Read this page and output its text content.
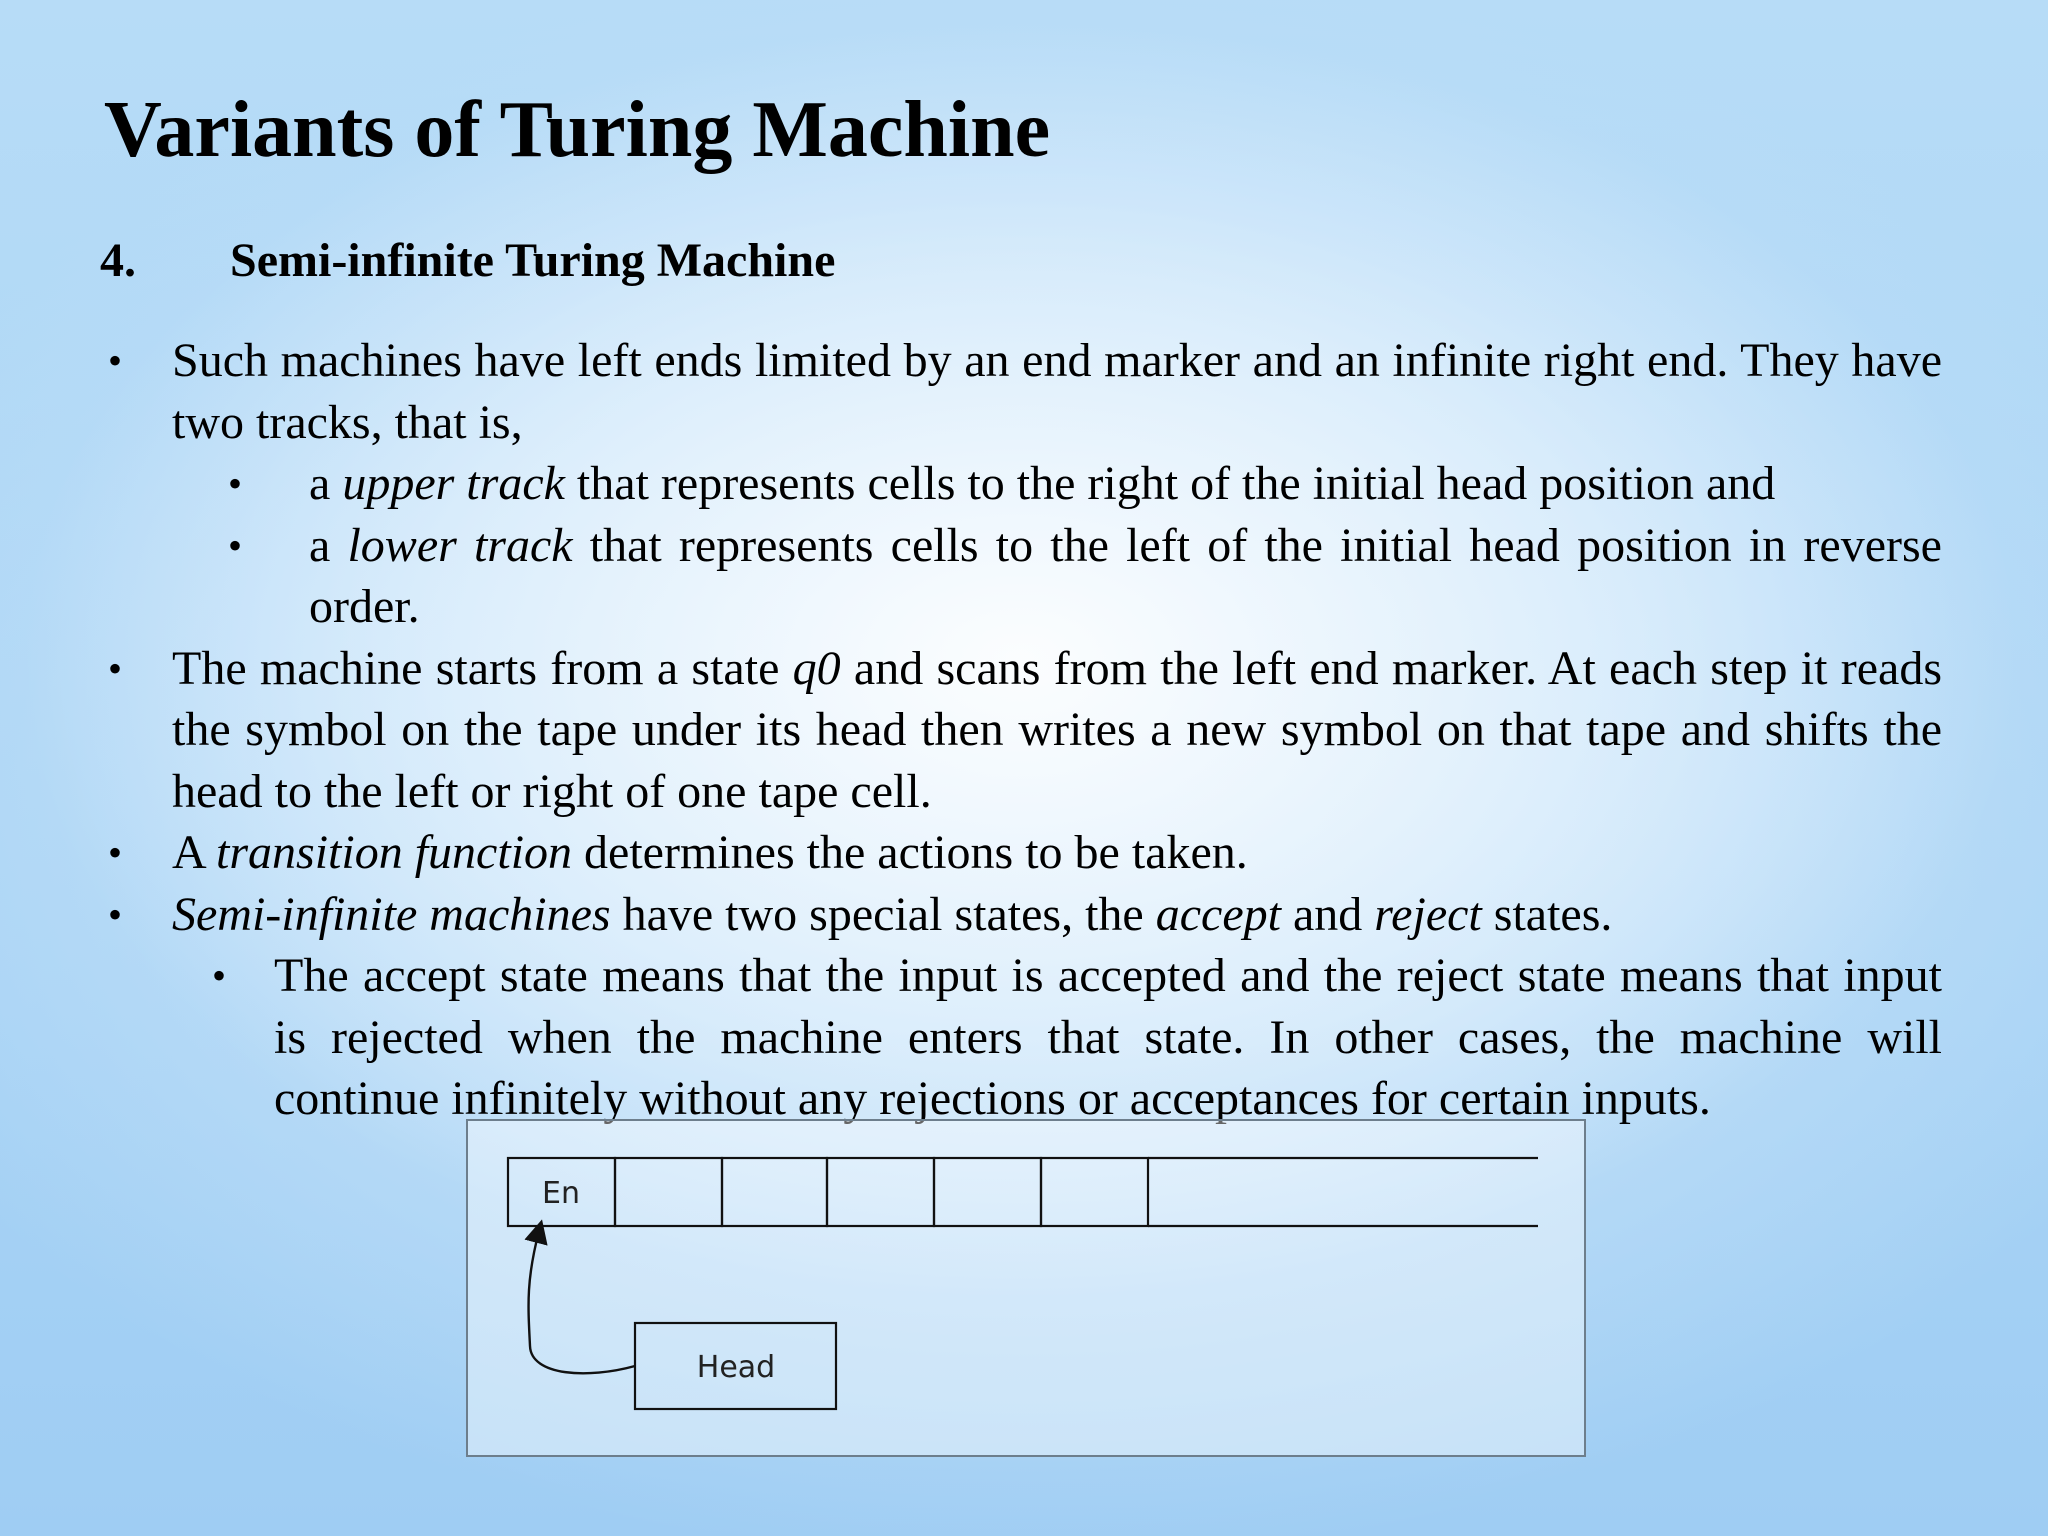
Variants of Turing Machine
4. Semi-infinite Turing Machine
• Such machines have left ends limited by an end marker and an infinite right end. They have two tracks, that is,
• a upper track that represents cells to the right of the initial head position and
• a lower track that represents cells to the left of the initial head position in reverse order.
• The machine starts from a state q0 and scans from the left end marker. At each step it reads the symbol on the tape under its head then writes a new symbol on that tape and shifts the head to the left or right of one tape cell.
• A transition function determines the actions to be taken.
• Semi-infinite machines have two special states, the accept and reject states.
• The accept state means that the input is accepted and the reject state means that input is rejected when the machine enters that state. In other cases, the machine will continue infinitely without any rejections or acceptances for certain inputs.
En
Head
